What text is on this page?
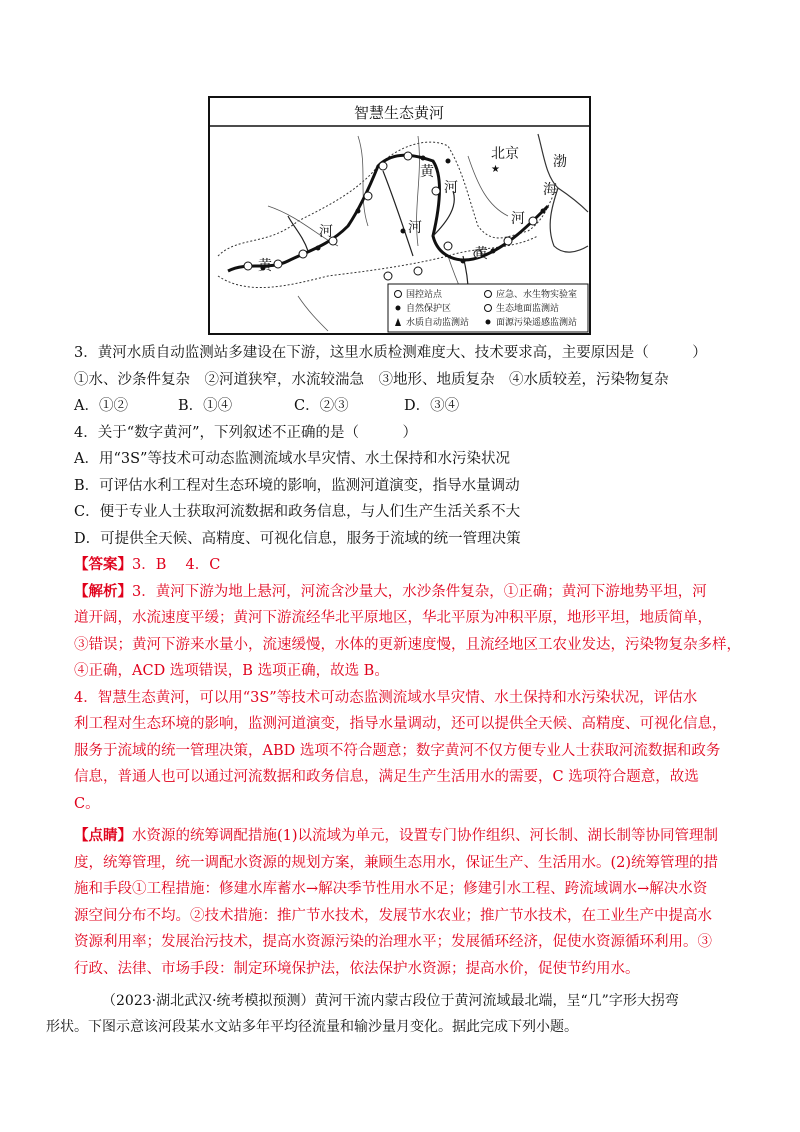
智慧生态黄河
北京 渤
海
黄
河
河	河
黄
黄
河
★
国控站点	应急、水生物实验室
自然保护区	生态地面监测站
水质自动监测站	面源污染遥感监测站
3．黄河水质自动监测站多建设在下游，这里水质检测难度大、技术要求高，主要原因是（　　　）
①水、沙条件复杂　②河道狭窄，水流较湍急　③地形、地质复杂　④水质较差，污染物复杂
A．①②	B．①④	C．②③	D．③④
4．关于“数字黄河”，下列叙述不正确的是（　　　）
A．用“3S”等技术可动态监测流域水旱灾情、水土保持和水污染状况
B．可评估水利工程对生态环境的影响，监测河道演变，指导水量调动
C．便于专业人士获取河流数据和政务信息，与人们生产生活关系不大
D．可提供全天候、高精度、可视化信息，服务于流域的统一管理决策
【答案】3．B　 4．C
【解析】3．黄河下游为地上悬河，河流含沙量大，水沙条件复杂，①正确；黄河下游地势平坦，河
道开阔，水流速度平缓；黄河下游流经华北平原地区，华北平原为冲积平原，地形平坦，地质简单，
③错误；黄河下游来水量小，流速缓慢，水体的更新速度慢，且流经地区工农业发达，污染物复杂多样，
④正确，ACD 选项错误，B 选项正确，故选 B。
4．智慧生态黄河，可以用“3S”等技术可动态监测流域水旱灾情、水土保持和水污染状况，评估水
利工程对生态环境的影响，监测河道演变，指导水量调动，还可以提供全天候、高精度、可视化信息，
服务于流域的统一管理决策，ABD 选项不符合题意；数字黄河不仅方便专业人士获取河流数据和政务
信息，普通人也可以通过河流数据和政务信息，满足生产生活用水的需要，C 选项符合题意，故选
C。
【点睛】水资源的统筹调配措施(1)以流域为单元，设置专门协作组织、河长制、湖长制等协同管理制
度，统筹管理，统一调配水资源的规划方案，兼顾生态用水，保证生产、生活用水。(2)统筹管理的措
施和手段①工程措施：修建水库蓄水→解决季节性用水不足；修建引水工程、跨流域调水→解决水资
源空间分布不均。②技术措施：推广节水技术，发展节水农业；推广节水技术，在工业生产中提高水
资源利用率；发展治污技术，提高水资源污染的治理水平；发展循环经济，促使水资源循环利用。③
行政、法律、市场手段：制定环境保护法，依法保护水资源；提高水价，促使节约用水。
（2023·湖北武汉·统考模拟预测）黄河干流内蒙古段位于黄河流域最北端，呈“几”字形大拐弯
形状。下图示意该河段某水文站多年平均径流量和输沙量月变化。据此完成下列小题。
